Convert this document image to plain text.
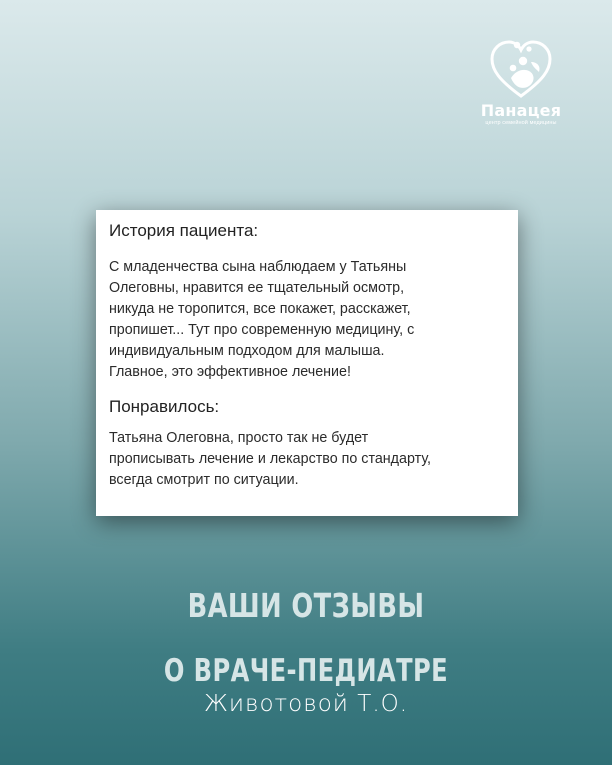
Панацея
центр семейной медицины
История пациента:

С младенчества сына наблюдаем у Татьяны
Олеговны, нравится ее тщательный осмотр,
никуда не торопится, все покажет, расскажет,
пропишет... Тут про современную медицину, с
индивидуальным подходом для малыша.
Главное, это эффективное лечение!

Понравилось:

Татьяна Олеговна, просто так не будет
прописывать лечение и лекарство по стандарту,
всегда смотрит по ситуации.

ВАШИ ОТЗЫВЫ
О ВРАЧЕ-ПЕДИАТРЕ
Животовой Т.О.
